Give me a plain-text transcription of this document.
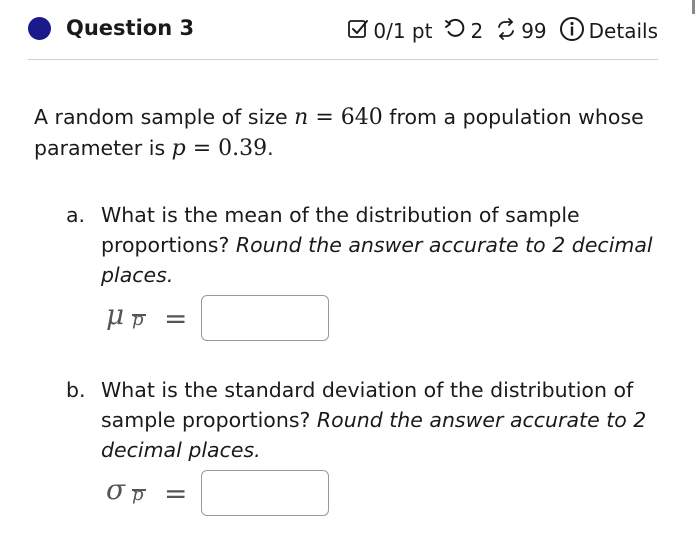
Question 3	0/1 pt 2 99 Details
A random sample of size n = 640 from a population whose
parameter is p = 0.39.
a. What is the mean of the distribution of sample proportions? Round the answer accurate to 2 decimal places.
μ p =
b. What is the standard deviation of the distribution of sample proportions? Round the answer accurate to 2 decimal places.
σ p =
